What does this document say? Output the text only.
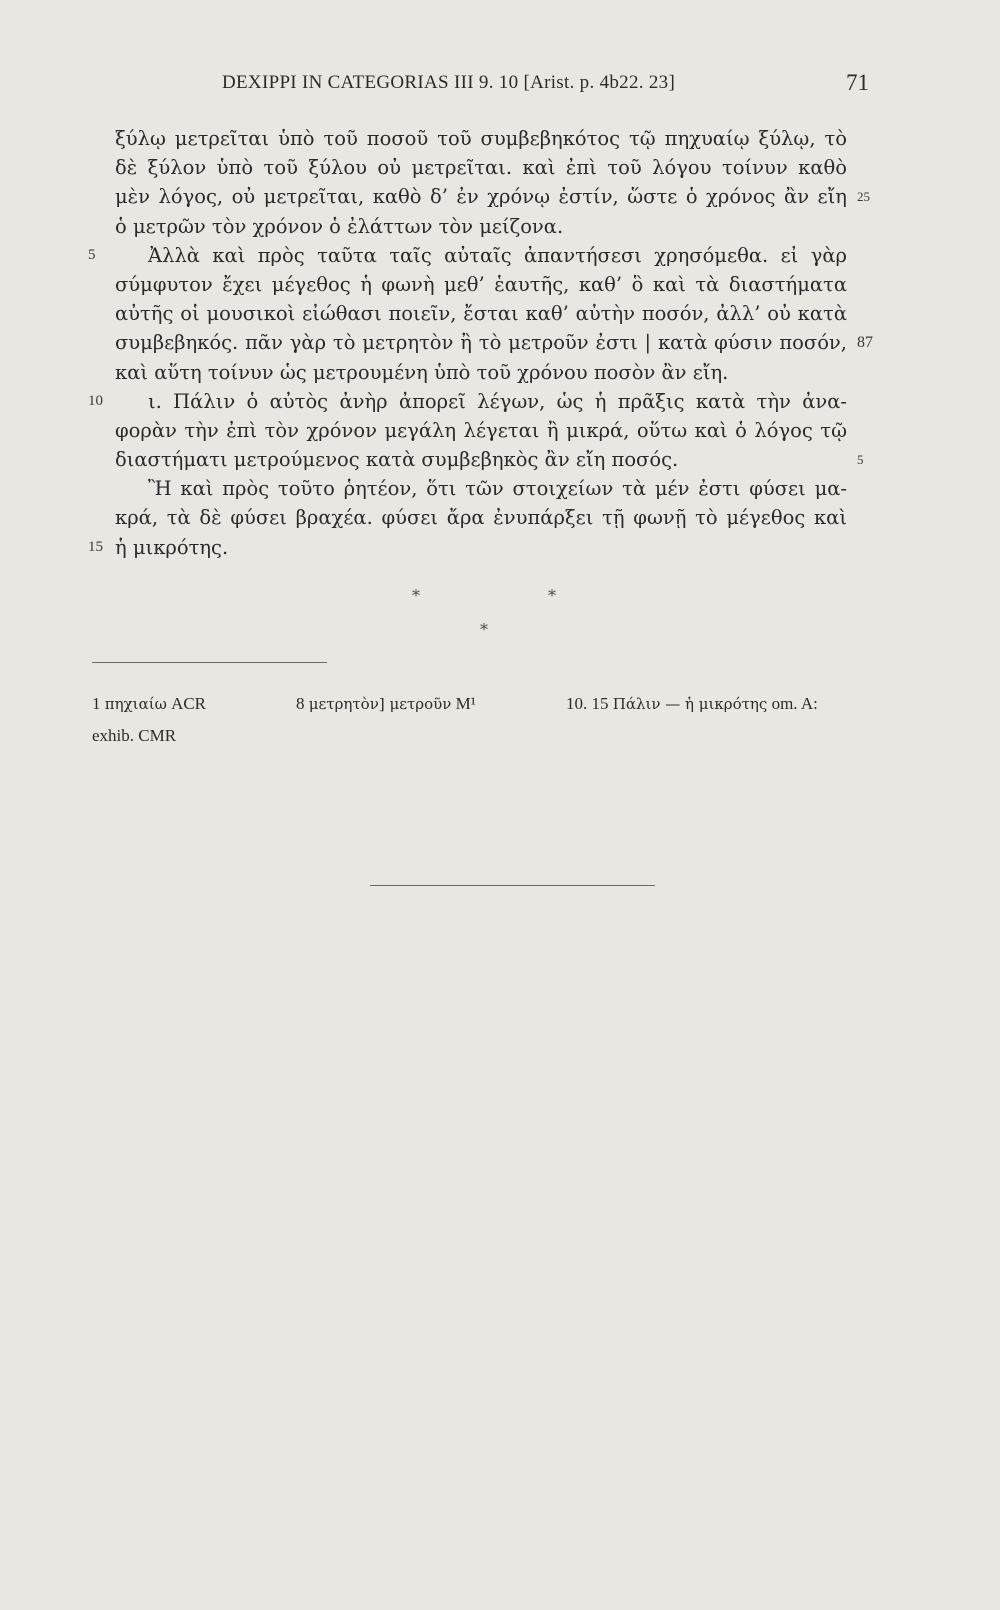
DEXIPPI IN CATEGORIAS III 9. 10 [Arist. p. 4b22. 23]	71
ξύλῳ μετρεῖται ὑπὸ τοῦ ποσοῦ τοῦ συμβεβηκότος τῷ πηχυαίῳ ξύλῳ, τὸ
δὲ ξύλον ὑπὸ τοῦ ξύλου οὐ μετρεῖται. καὶ ἐπὶ τοῦ λόγου τοίνυν καθὸ
μὲν λόγος, οὐ μετρεῖται, καθὸ δ’ ἐν χρόνῳ ἐστίν, ὥστε ὁ χρόνος ἂν εἴη 25
ὁ μετρῶν τὸν χρόνον ὁ ἐλάττων τὸν μείζονα.
Ἀλλὰ καὶ πρὸς ταῦτα ταῖς αὐταῖς ἀπαντήσεσι χρησόμεθα. εἰ γὰρ
5
σύμφυτον ἔχει μέγεθος ἡ φωνὴ μεθ’ ἑαυτῆς, καθ’ ὃ καὶ τὰ διαστήματα
αὐτῆς οἱ μουσικοὶ εἰώθασι ποιεῖν, ἔσται καθ’ αὑτὴν ποσόν, ἀλλ’ οὐ κατὰ
συμβεβηκός. πᾶν γὰρ τὸ μετρητὸν ἢ τὸ μετροῦν ἐστι | κατὰ φύσιν ποσόν, 87
καὶ αὕτη τοίνυν ὡς μετρουμένη ὑπὸ τοῦ χρόνου ποσὸν ἂν εἴη.
ι. Πάλιν ὁ αὐτὸς ἀνὴρ ἀπορεῖ λέγων, ὡς ἡ πρᾶξις κατὰ τὴν ἀνα-
10
φορὰν τὴν ἐπὶ τὸν χρόνον μεγάλη λέγεται ἢ μικρά, οὕτω καὶ ὁ λόγος τῷ
διαστήματι μετρούμενος κατὰ συμβεβηκὸς ἂν εἴη ποσός.	5
Ἢ καὶ πρὸς τοῦτο ῥητέον, ὅτι τῶν στοιχείων τὰ μέν ἐστι φύσει μα-
κρά, τὰ δὲ φύσει βραχέα. φύσει ἄρα ἐνυπάρξει τῇ φωνῇ τὸ μέγεθος καὶ
ἡ μικρότης.
15
*	*
*
1 πηχιαίω ACR	8 μετρητὸν] μετροῦν M¹	10. 15 Πάλιν — ἡ μικρότης om. A:
exhib. CMR
